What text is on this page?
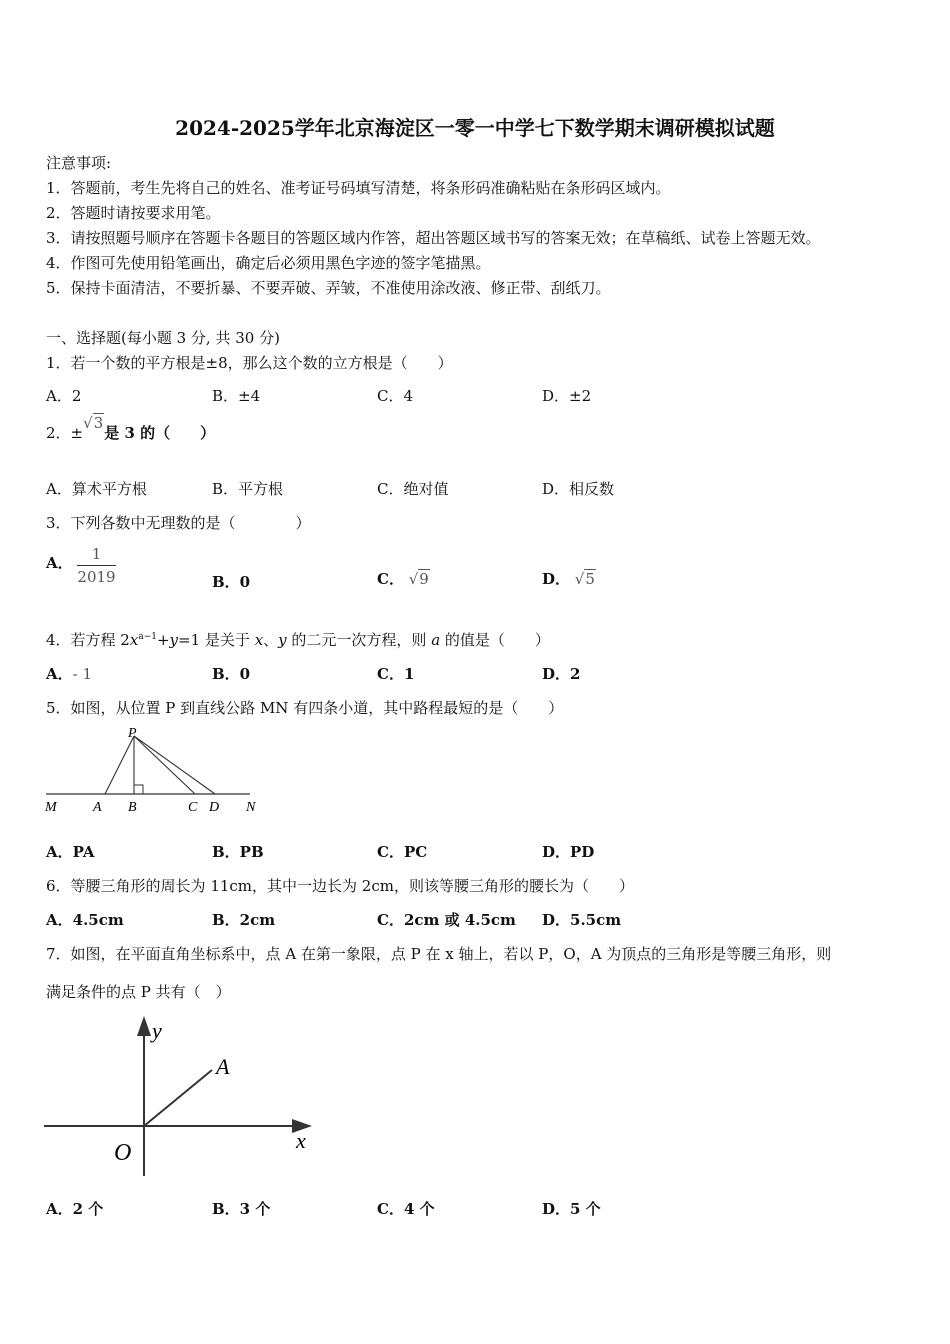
2024-2025学年北京海淀区一零一中学七下数学期末调研模拟试题
注意事项:
1．答题前，考生先将自己的姓名、准考证号码填写清楚，将条形码准确粘贴在条形码区域内。
2．答题时请按要求用笔。
3．请按照题号顺序在答题卡各题目的答题区域内作答，超出答题区域书写的答案无效；在草稿纸、试卷上答题无效。
4．作图可先使用铅笔画出，确定后必须用黑色字迹的签字笔描黑。
5．保持卡面清洁，不要折暴、不要弄破、弄皱，不准使用涂改液、修正带、刮纸刀。
一、选择题(每小题 3 分, 共 30 分)
1．若一个数的平方根是±8，那么这个数的立方根是（　　）
A．2	B．±4	C．4	D．±2
2．±√3是 3 的（　　）
A．算术平方根	B．平方根	C．绝对值	D．相反数
3．下列各数中无理数的是（　　　　）
A． $\frac{1}{2019}$	B．0	C． √9	D． √5
4．若方程 $2x^{a-1}+y=1$ 是关于 x、y 的二元一次方程，则 a 的值是（　　）
A．- 1	B．0	C．1	D．2
5．如图，从位置 P 到直线公路 MN 有四条小道，其中路程最短的是（　　）
P
M	A B	C D N
A．PA	B．PB	C．PC	D．PD
6．等腰三角形的周长为 11cm，其中一边长为 2cm，则该等腰三角形的腰长为（　　）
A．4.5cm	B．2cm	C．2cm 或 4.5cm D．5.5cm
7．如图，在平面直角坐标系中，点 A 在第一象限，点 P 在 x 轴上，若以 P，O，A 为顶点的三角形是等腰三角形，则
满足条件的点 P 共有（　）
y
A
O	x
A．2 个	B．3 个	C．4 个	D．5 个
